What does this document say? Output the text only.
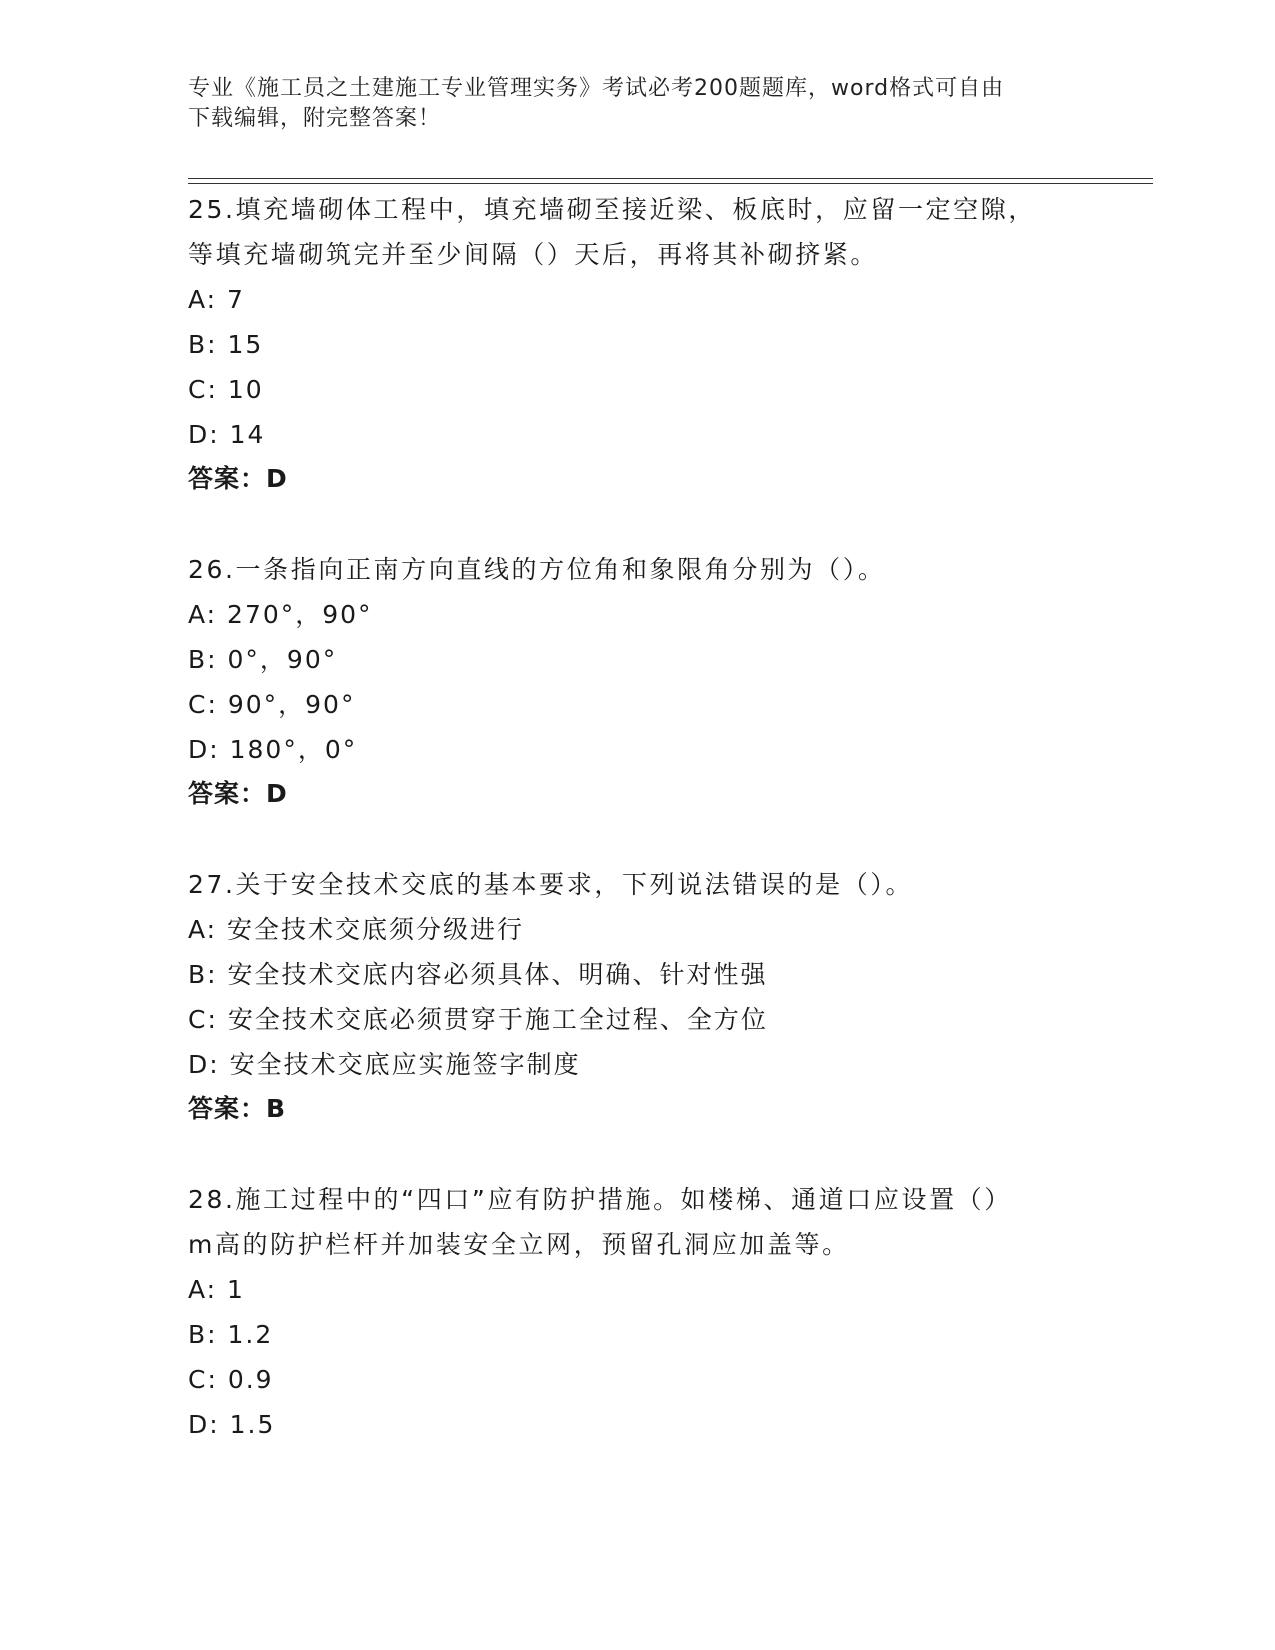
专业《施工员之土建施工专业管理实务》考试必考200题题库，word格式可自由
下载编辑，附完整答案！

25.填充墙砌体工程中，填充墙砌至接近梁、板底时，应留一定空隙，

等填充墙砌筑完并至少间隔（）天后，再将其补砌挤紧。

A: 7

B: 15

C: 10

D: 14

答案：D

26.一条指向正南方向直线的方位角和象限角分别为（）。

A: 270°，90°

B: 0°，90°

C: 90°，90°

D: 180°，0°

答案：D

27.关于安全技术交底的基本要求，下列说法错误的是（）。

A: 安全技术交底须分级进行

B: 安全技术交底内容必须具体、明确、针对性强

C: 安全技术交底必须贯穿于施工全过程、全方位

D: 安全技术交底应实施签字制度

答案：B

28.施工过程中的“四口”应有防护措施。如楼梯、通道口应设置（）

m高的防护栏杆并加装安全立网，预留孔洞应加盖等。

A: 1

B: 1.2

C: 0.9

D: 1.5
